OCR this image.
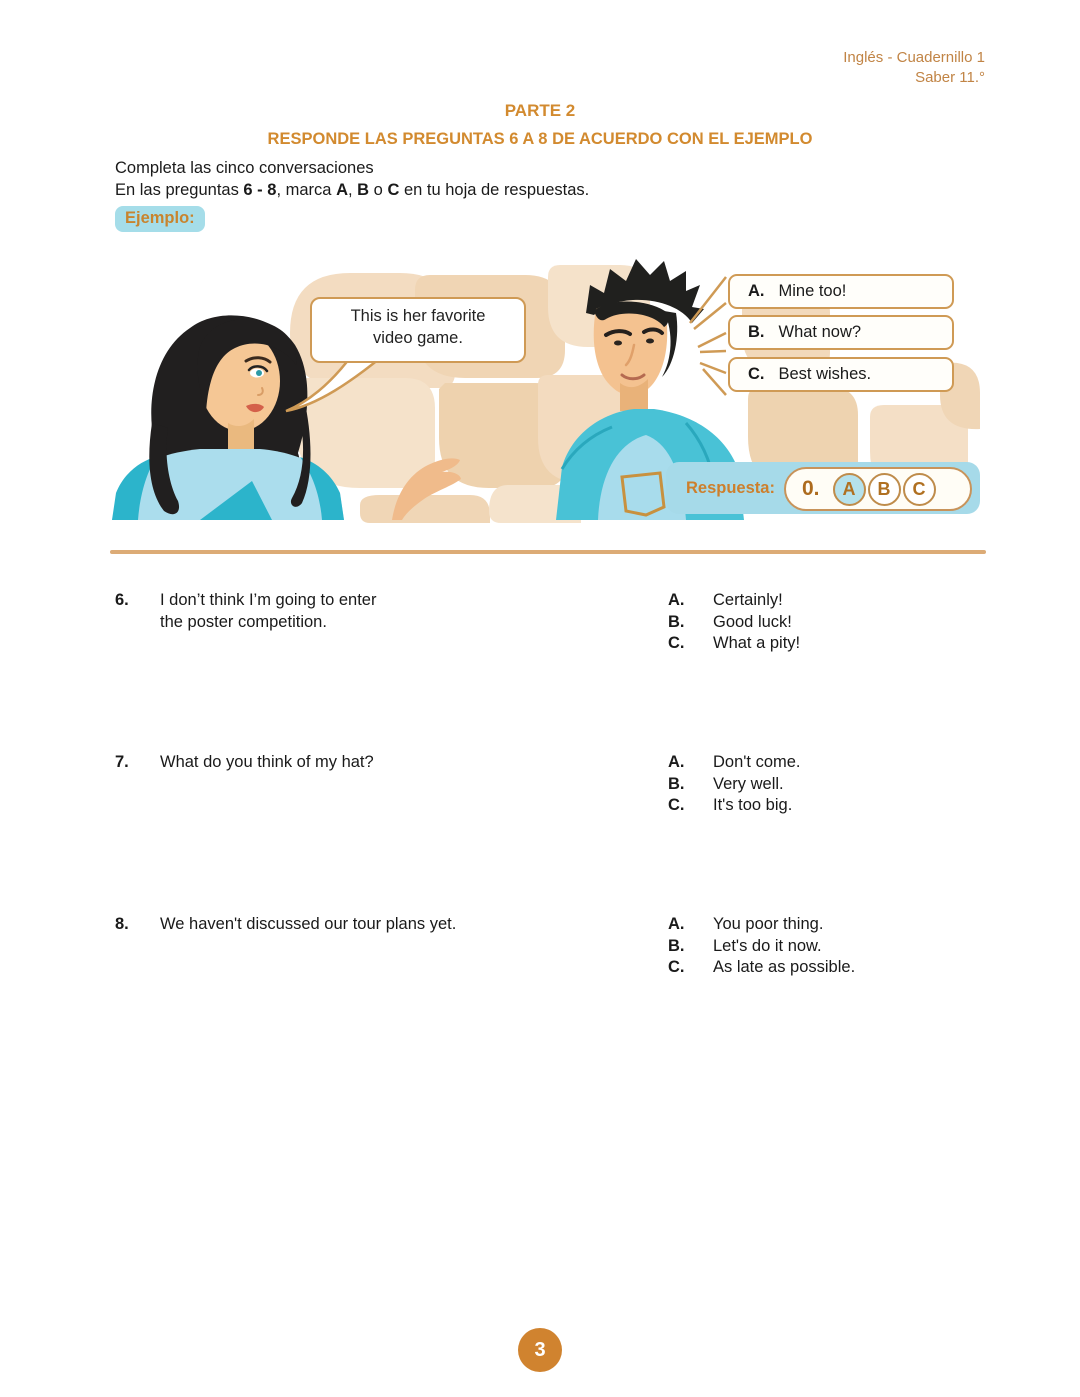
Inglés - Cuadernillo 1
Saber 11.°
PARTE 2
RESPONDE LAS PREGUNTAS 6 A 8 DE ACUERDO CON EL EJEMPLO
Completa las cinco conversaciones
En las preguntas 6 - 8, marca A, B o C en tu hoja de respuestas.
Ejemplo:
This is her favorite
video game.
A. Mine too!
B. What now?
C. Best wishes.
Respuesta: 0.	A	B	C
6. I don’t think I’m going to enter
the poster competition.
A.	Certainly!
B.	Good luck!
C.	What a pity!
7. What do you think of my hat?	A.	Don't come.
B.	Very well.
C.	It's too big.
8. We haven't discussed our tour plans yet.	A.	You poor thing.
B.	Let's do it now.
C.	As late as possible.
3
